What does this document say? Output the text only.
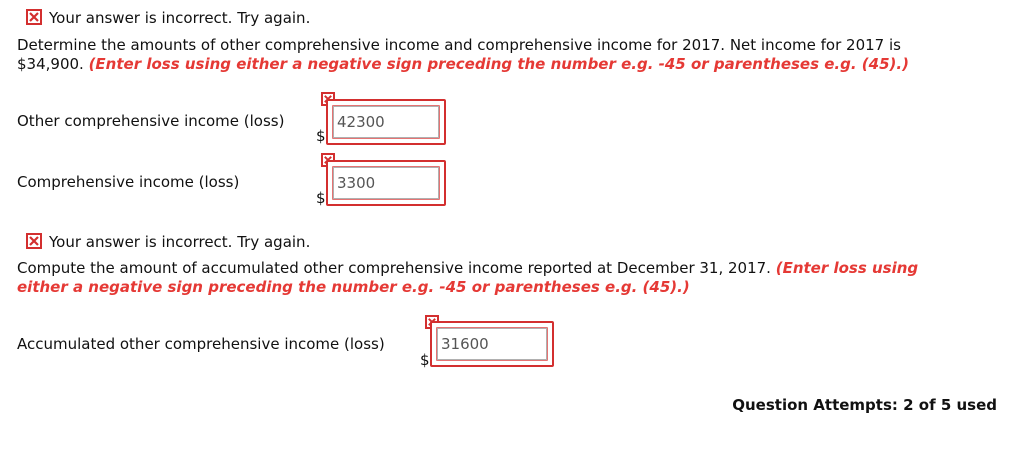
Your answer is incorrect. Try again.
Determine the amounts of other comprehensive income and comprehensive income for 2017. Net income for 2017 is
$34,900. (Enter loss using either a negative sign preceding the number e.g. -45 or parentheses e.g. (45).)
Other comprehensive income (loss)
$
42300
Comprehensive income (loss)
$
3300
Your answer is incorrect. Try again.
Compute the amount of accumulated other comprehensive income reported at December 31, 2017. (Enter loss using
either a negative sign preceding the number e.g. -45 or parentheses e.g. (45).)
Accumulated other comprehensive income (loss)
$
31600
Question Attempts: 2 of 5 used
